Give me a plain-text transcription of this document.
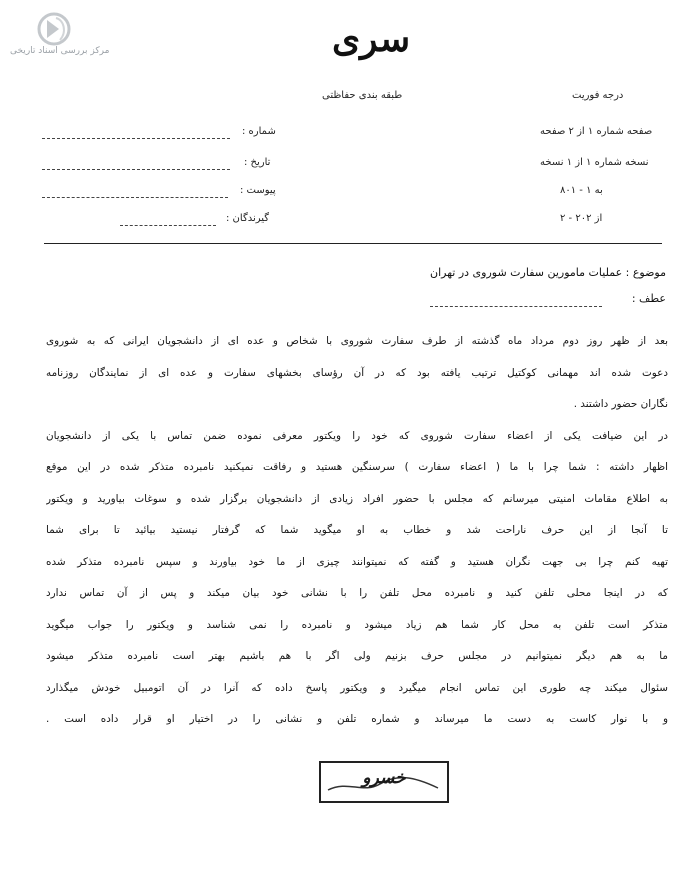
مرکز بررسی اسناد تاریخی	سری
طبقه بندی حفاظتی	درجه فوریت
صفحه شماره ۱ از ۲ صفحه
نسخه شماره ۱ از ۱ نسخه
به ۱ - ۸۰۱
از ۲۰۲ - ۲
شماره :
تاریخ :
پیوست :
گیرندگان :
موضوع : عملیات مامورین سفارت شوروی در تهران
عطف :
بعد از ظهر روز دوم مرداد ماه گذشته از طرف سفارت شوروی با شخاص و عده ای از دانشجویان ایرانی که به شوروی
دعوت شده اند مهمانی کوکتیل ترتیب یافته بود که در آن رؤسای بخشهای سفارت و عده ای از نمایندگان روزنامه
نگاران حضور داشتند .
در این ضیافت یکی از اعضاء سفارت شوروی که خود را ویکتور معرفی نموده ضمن تماس با یکی از دانشجویان
اظهار داشته : شما چرا با ما ( اعضاء سفارت ) سرسنگین هستید و رفاقت نمیکنید نامبرده متذکر شده در این موقع
به اطلاع مقامات امنیتی میرسانم که مجلس با حضور افراد زیادی از دانشجویان برگزار شده و سوغات بیاورید و ویکتور
تا آنجا از این حرف ناراحت شد و خطاب به او میگوید شما که گرفتار نیستید بیائید تا برای شما
تهیه کنم چرا بی جهت نگران هستید و گفته که نمیتوانند چیزی از ما خود بیاورند و سپس نامبرده متذکر شده
که در اینجا محلی تلفن کنید و نامبرده محل تلفن را با نشانی خود بیان میکند و پس از آن تماس ندارد
متذکر است تلفن به محل کار شما هم زیاد میشود و نامبرده را نمی شناسد و ویکتور را جواب میگوید
ما به هم دیگر نمیتوانیم در مجلس حرف بزنیم ولی اگر با هم باشیم بهتر است نامبرده متذکر میشود
سئوال میکند چه طوری این تماس انجام میگیرد و ویکتور پاسخ داده که آنرا در آن اتومبیل خودش میگذارد
و با نوار کاست به دست ما میرساند و شماره تلفن و نشانی را در اختیار او قرار داده است .
خسرو
